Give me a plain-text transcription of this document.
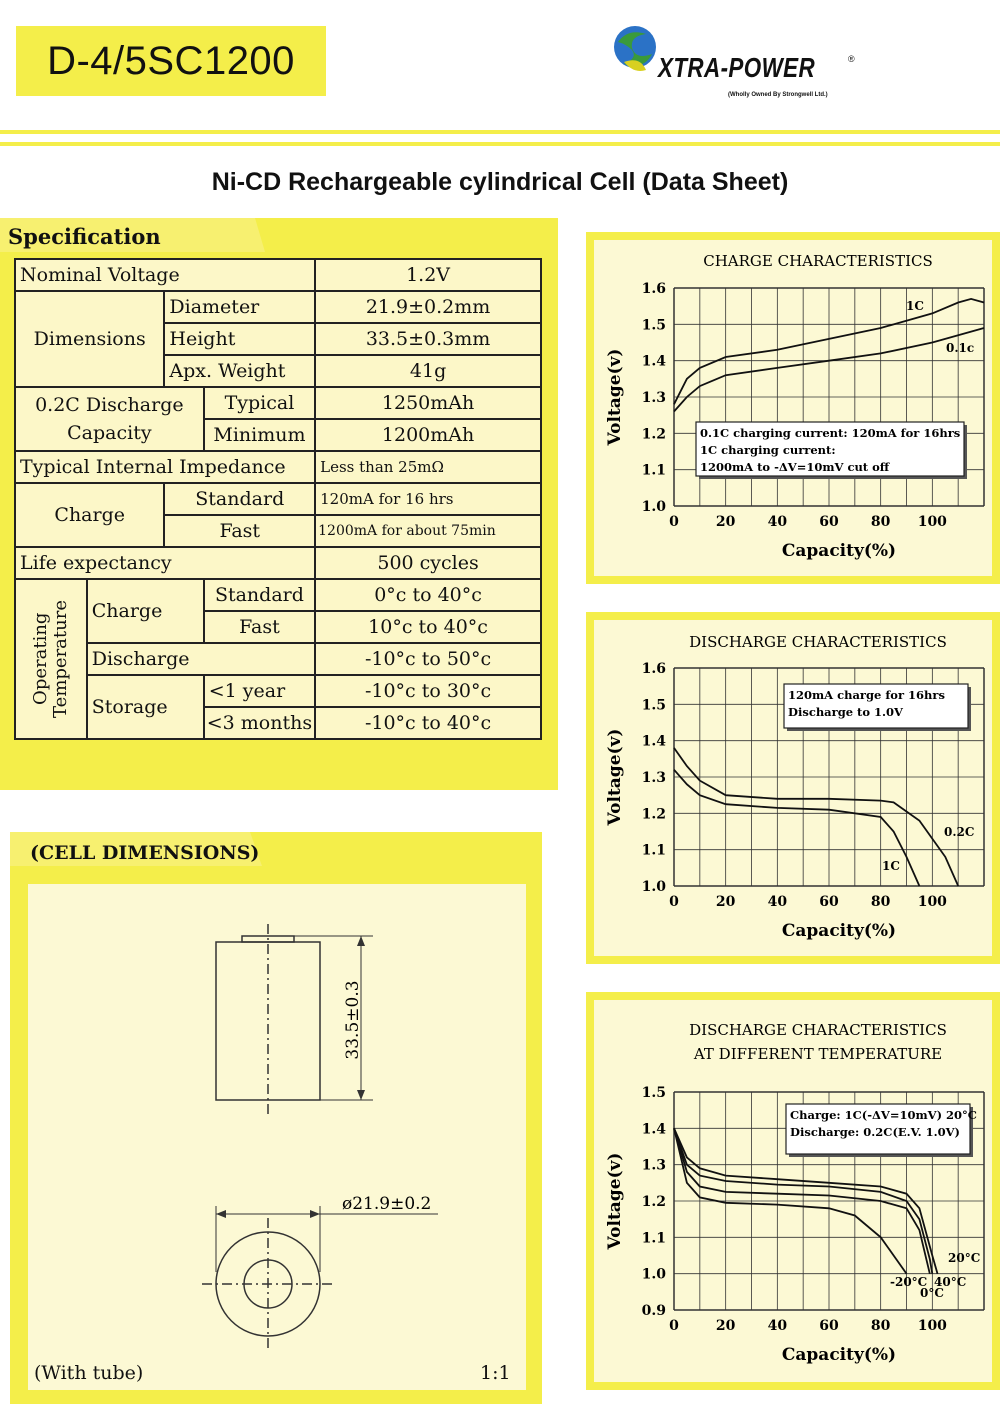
D-4/5SC1200	XTRA-POWER	®
(Wholly Owned By Strongwell Ltd.)
Ni-CD Rechargeable cylindrical Cell (Data Sheet)
Specification
Nominal Voltage				1.2V
Dimensions		Diameter		21.9±0.2mm
		Height		33.5±0.3mm
		Apx. Weight		41g

0.2C Discharge
Capacity			Typical	1250mAh
			Minimum	1200mAh
Typical Internal Impedance				Less than 25mΩ
Charge		Standard		120mA for 16 hrs
		Fast		1200mA for about 75min
Life expectancy				500 cycles

Operating
Temperature	Charge		Standard	0°c to 40°c
			Fast	10°c to 40°c
	Discharge			-10°c to 50°c
	Storage		<1 year	-10°c to 30°c
			<3 months	-10°c to 40°c
(CELL DIMENSIONS)
33.5±0.3
ø21.9±0.2
(With tube)	1:1
CHARGE CHARACTERISTICS
1.0
1.1
1.2
1.3
1.4
1.5
1.6
0	20 40 60 80 100
Capacity(%)
Voltage(v)
1C
0.1c
0.1C charging current: 120mA for 16hrs
1C charging current:
1200mA to -ΔV=10mV cut off
DISCHARGE CHARACTERISTICS
1.0
1.1
1.2
1.3
1.4
1.5
1.6
0	20 40 60 80 100
Capacity(%)
Voltage(v)
0.2C
1C
120mA charge for 16hrs
Discharge to 1.0V
DISCHARGE CHARACTERISTICS
AT DIFFERENT TEMPERATURE
0.9
1.0
1.1
1.2
1.3
1.4
1.5
0	20 40 60 80 100
Capacity(%)
Voltage(v)
20°C
40°C
0°C
-20°C
Charge: 1C(-ΔV=10mV) 20°C
Discharge: 0.2C(E.V. 1.0V)
